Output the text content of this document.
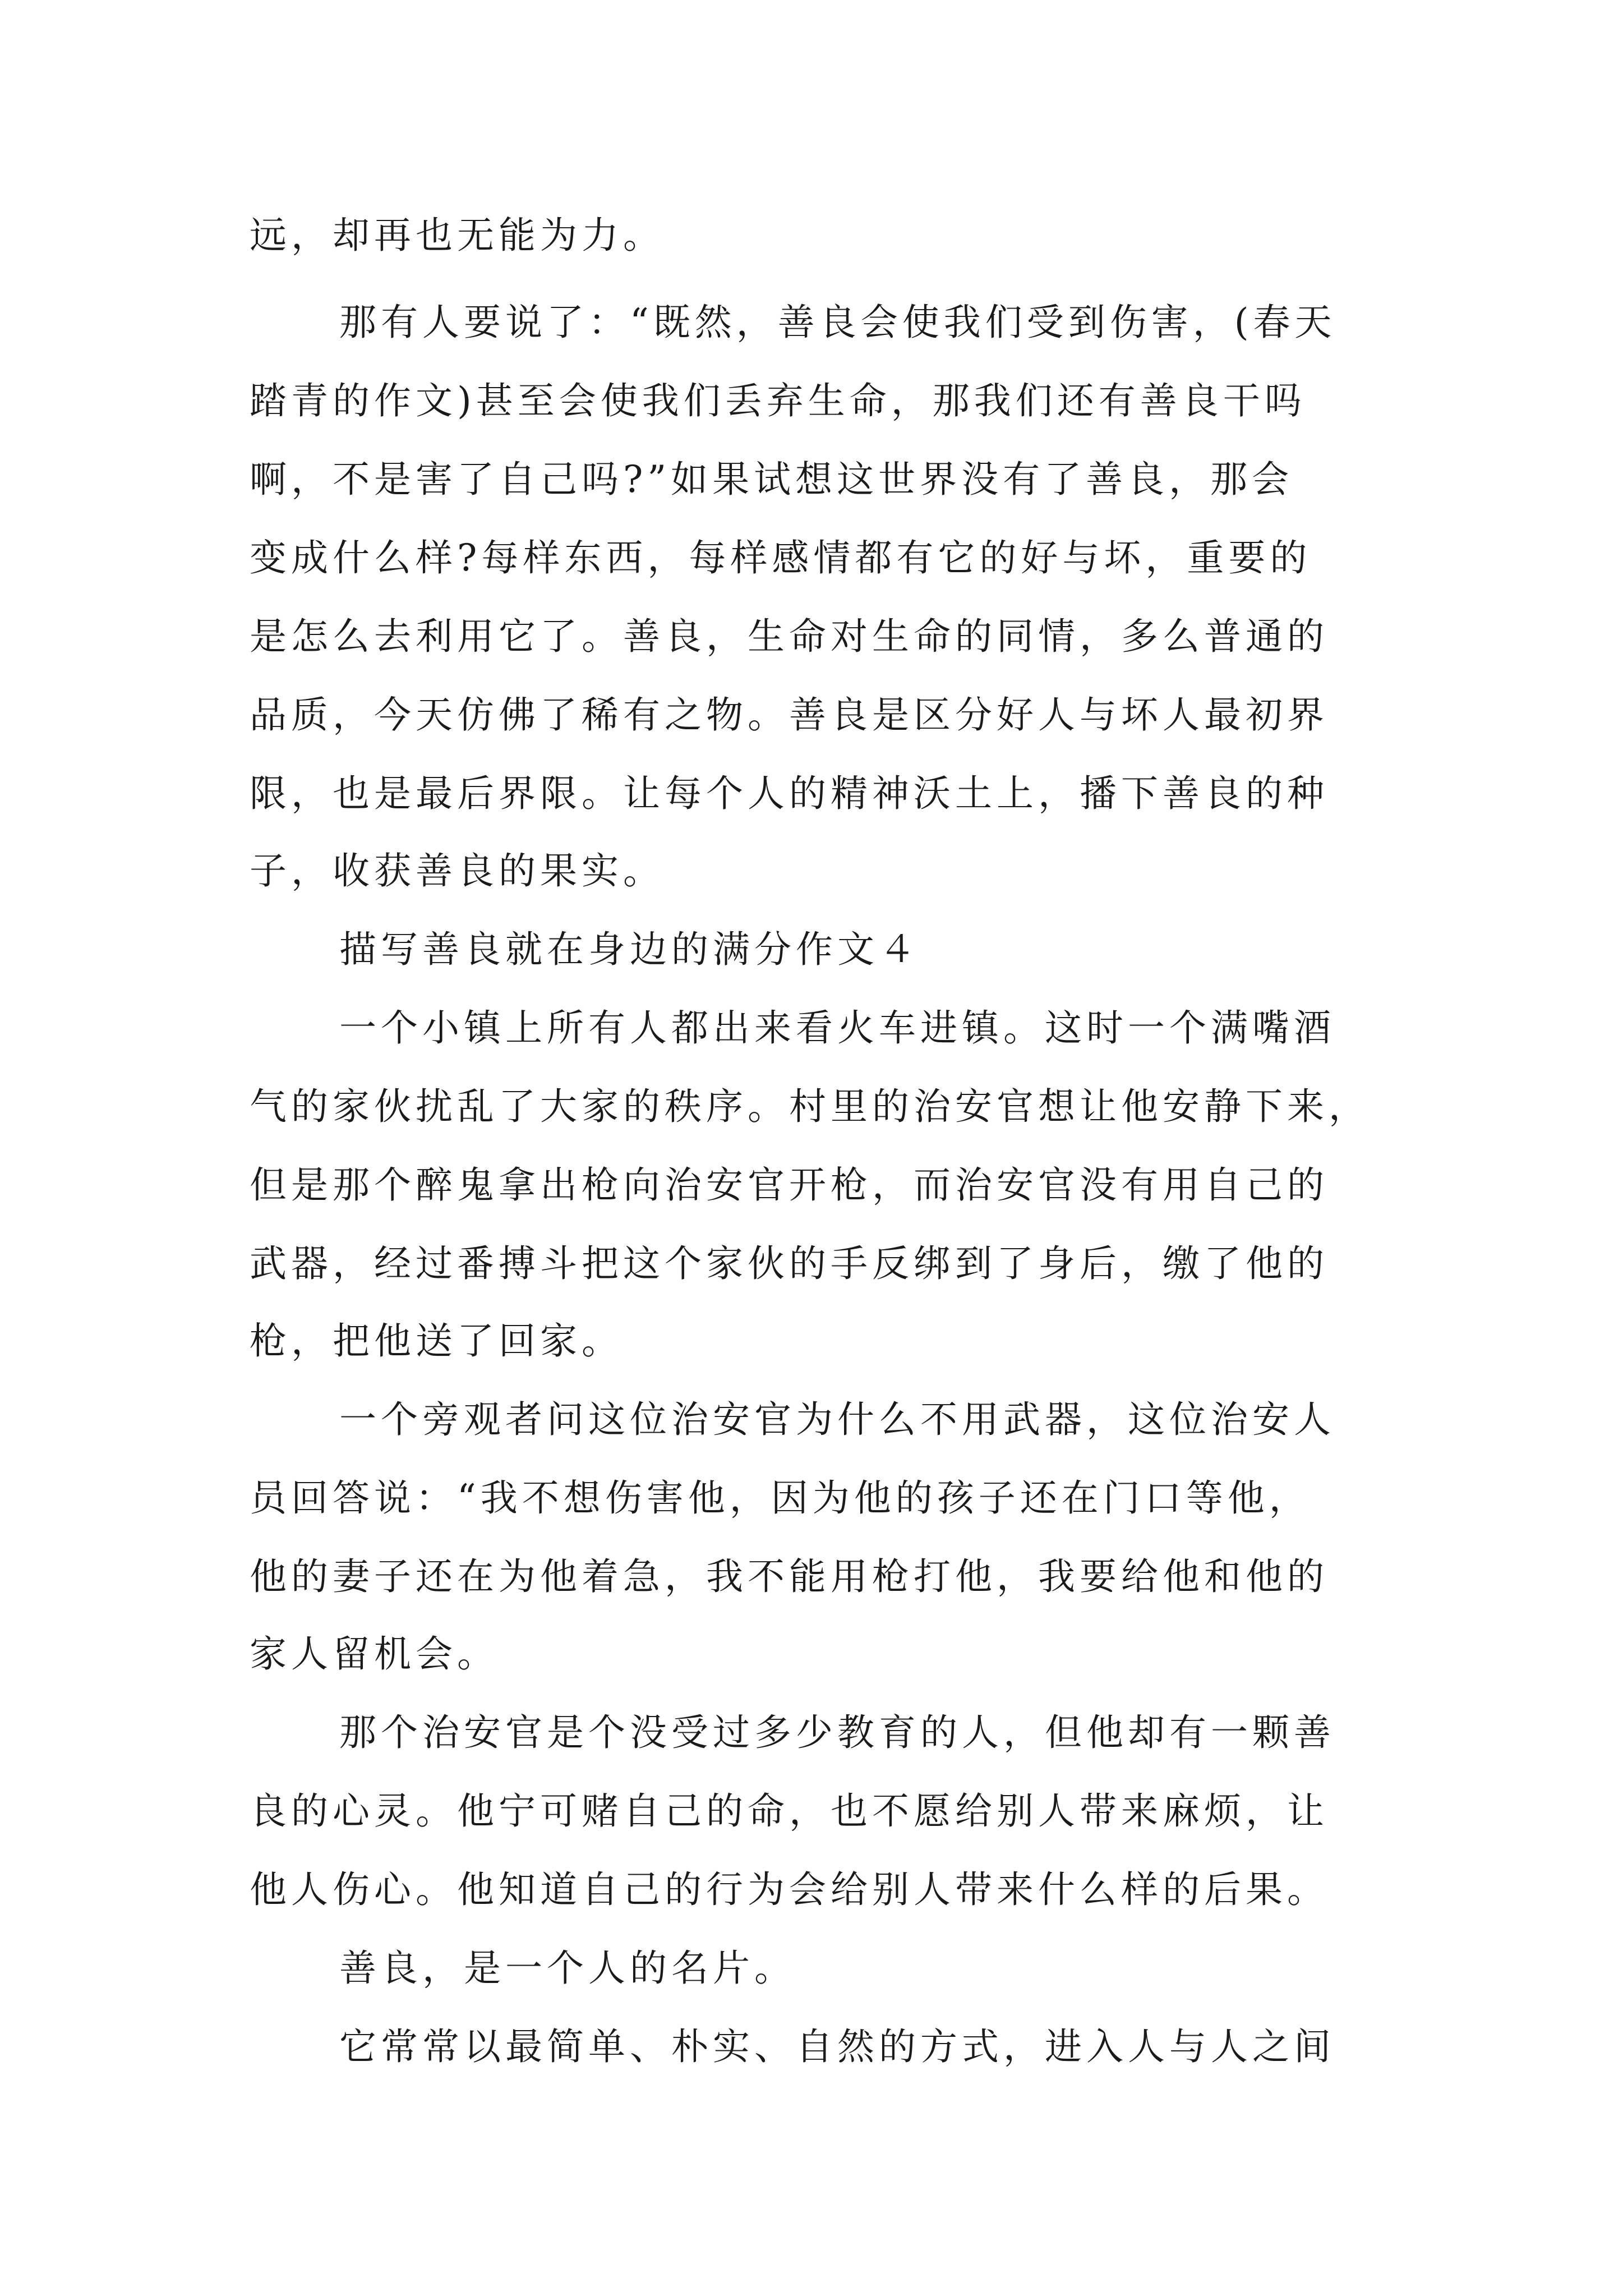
远，却再也无能为力。
那有人要说了：“既然，善良会使我们受到伤害，(春天
踏青的作文)甚至会使我们丢弃生命，那我们还有善良干吗
啊，不是害了自己吗?”如果试想这世界没有了善良，那会
变成什么样?每样东西，每样感情都有它的好与坏，重要的
是怎么去利用它了。善良，生命对生命的同情，多么普通的
品质，今天仿佛了稀有之物。善良是区分好人与坏人最初界
限，也是最后界限。让每个人的精神沃土上，播下善良的种
子，收获善良的果实。
描写善良就在身边的满分作文４
一个小镇上所有人都出来看火车进镇。这时一个满嘴酒
气的家伙扰乱了大家的秩序。村里的治安官想让他安静下来，
但是那个醉鬼拿出枪向治安官开枪，而治安官没有用自己的
武器，经过番搏斗把这个家伙的手反绑到了身后，缴了他的
枪，把他送了回家。
一个旁观者问这位治安官为什么不用武器，这位治安人
员回答说：“我不想伤害他，因为他的孩子还在门口等他，
他的妻子还在为他着急，我不能用枪打他，我要给他和他的
家人留机会。
那个治安官是个没受过多少教育的人，但他却有一颗善
良的心灵。他宁可赌自己的命，也不愿给别人带来麻烦，让
他人伤心。他知道自己的行为会给别人带来什么样的后果。
善良，是一个人的名片。
它常常以最简单、朴实、自然的方式，进入人与人之间
